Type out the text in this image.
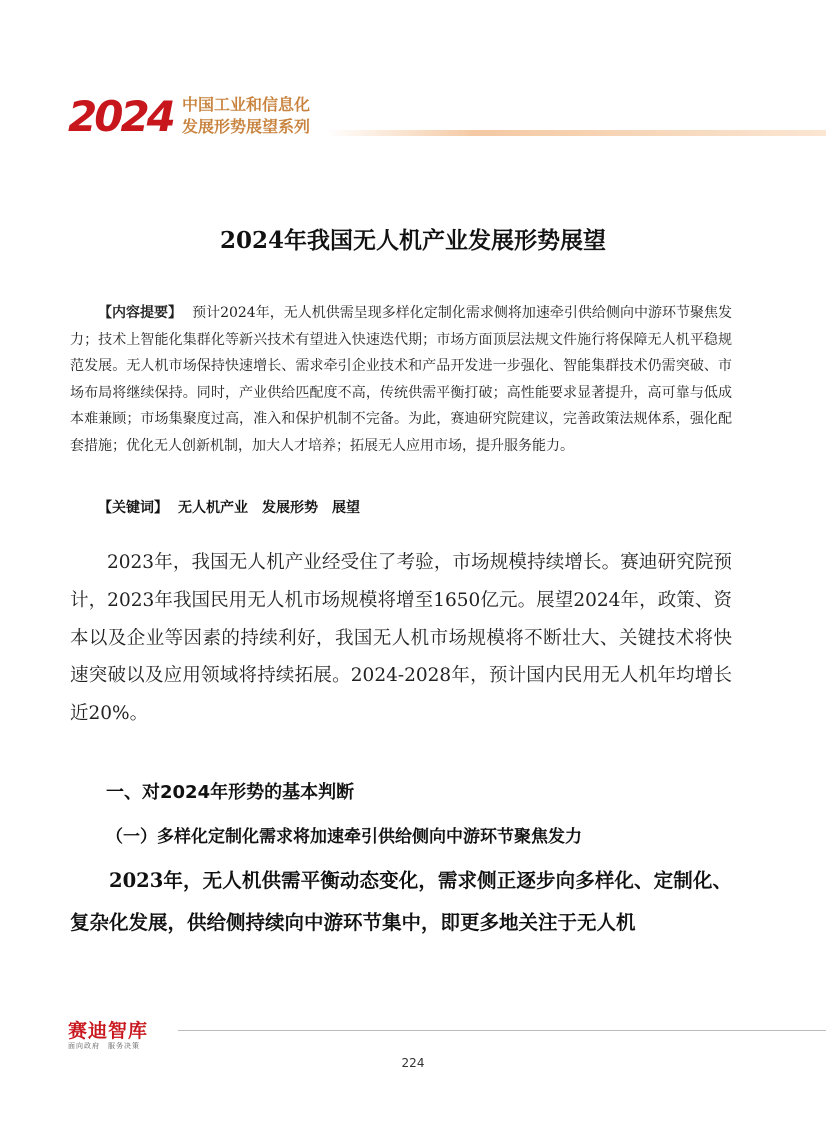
2024 中国工业和信息化
发展形势展望系列
2024年我国无人机产业发展形势展望
【内容提要】 预计2024年，无人机供需呈现多样化定制化需求侧将加速牵引供给侧向中游环节聚焦发力；技术上智能化集群化等新兴技术有望进入快速迭代期；市场方面顶层法规文件施行将保障无人机平稳规范发展。无人机市场保持快速增长、需求牵引企业技术和产品开发进一步强化、智能集群技术仍需突破、市场布局将继续保持。同时，产业供给匹配度不高，传统供需平衡打破；高性能要求显著提升，高可靠与低成本难兼顾；市场集聚度过高，准入和保护机制不完备。为此，赛迪研究院建议，完善政策法规体系，强化配套措施；优化无人创新机制，加大人才培养；拓展无人应用市场，提升服务能力。
【关键词】 无人机产业　发展形势　展望
2023年，我国无人机产业经受住了考验，市场规模持续增长。赛迪研究院预计，2023年我国民用无人机市场规模将增至1650亿元。展望2024年，政策、资本以及企业等因素的持续利好，我国无人机市场规模将不断壮大、关键技术将快速突破以及应用领域将持续拓展。2024-2028年，预计国内民用无人机年均增长近20%。
一、对2024年形势的基本判断
（一）多样化定制化需求将加速牵引供给侧向中游环节聚焦发力
2023年，无人机供需平衡动态变化，需求侧正逐步向多样化、定制化、复杂化发展，供给侧持续向中游环节集中，即更多地关注于无人机
赛迪智库
面向政府　服务决策
224
